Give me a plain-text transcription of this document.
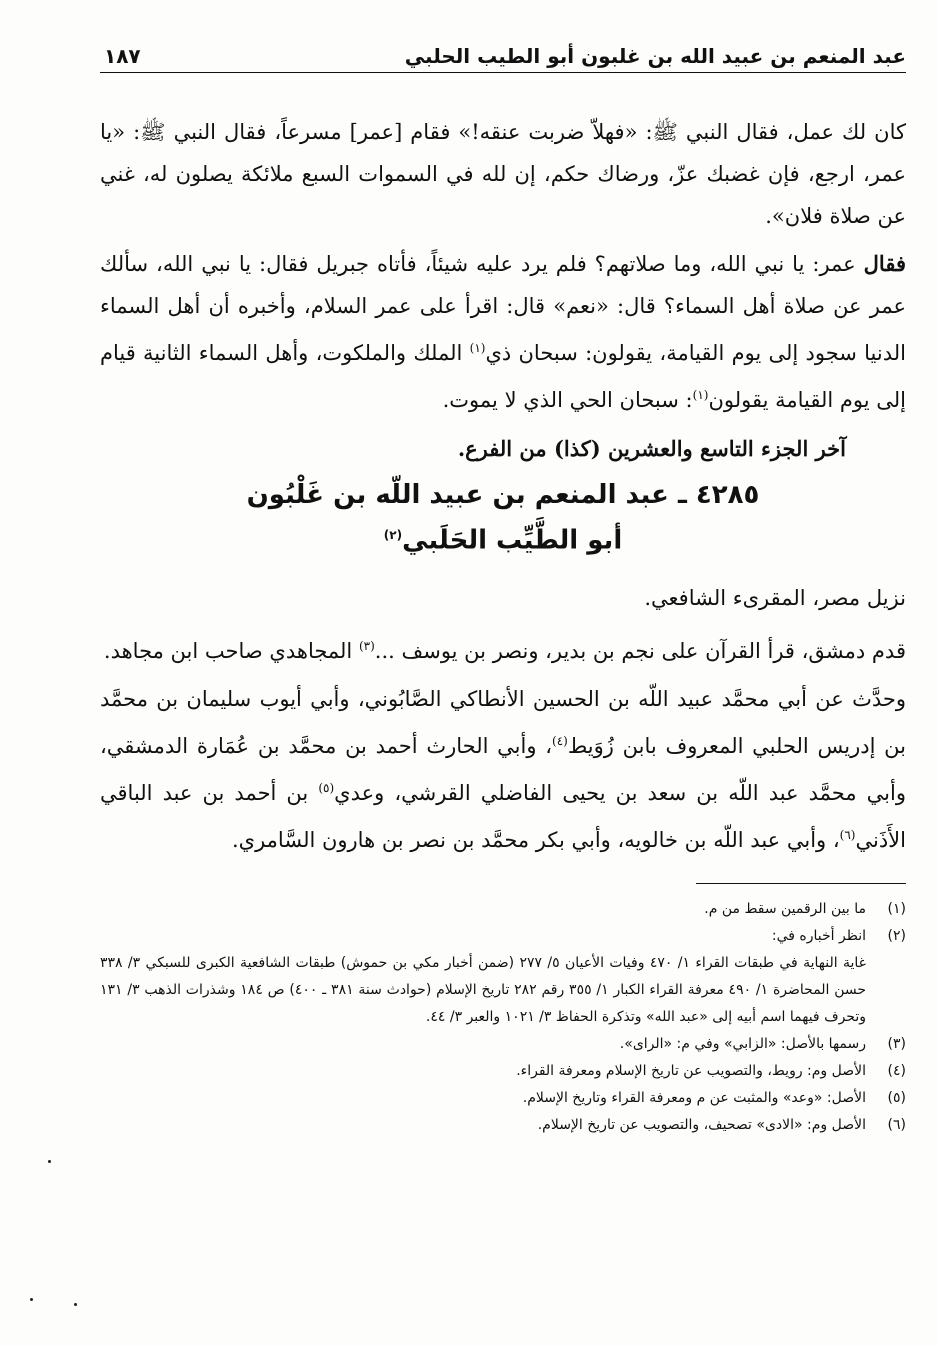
عبد المنعم بن عبيد الله بن غلبون أبو الطيب الحلبي
١٨٧

كان لك عمل، فقال النبي ﷺ: «فهلاّ ضربت عنقه!» فقام [عمر] مسرعاً، فقال النبي ﷺ: «يا عمر، ارجع، فإن غضبك عزّ، ورضاك حكم، إن لله في السموات السبع ملائكة يصلون له، غني عن صلاة فلان».

فقال عمر: يا نبي الله، وما صلاتهم؟ فلم يرد عليه شيئاً، فأتاه جبريل فقال: يا نبي الله، سألك عمر عن صلاة أهل السماء؟ قال: «نعم» قال: اقرأ على عمر السلام، وأخبره أن أهل السماء الدنيا سجود إلى يوم القيامة، يقولون: سبحان ذي$^{(١)}$ الملك والملكوت، وأهل السماء الثانية قيام إلى يوم القيامة يقولون$^{(١)}$: سبحان الحي الذي لا يموت.

آخر الجزء التاسع والعشرين (كذا) من الفرع.
٤٢٨٥ ـ عبد المنعم بن عبيد اللّه بن غَلْبُون
أبو الطَّيِّب الحَلَبي$^{(٢)}$

نزيل مصر، المقرىء الشافعي.

قدم دمشق، قرأ القرآن على نجم بن بدير، ونصر بن يوسف ...$^{(٣)}$ المجاهدي صاحب ابن مجاهد.

وحدَّث عن أبي محمَّد عبيد اللّه بن الحسين الأنطاكي الصَّابُوني، وأبي أيوب سليمان بن محمَّد بن إدريس الحلبي المعروف بابن زُوَيط$^{(٤)}$، وأبي الحارث أحمد بن محمَّد بن عُمَارة الدمشقي، وأبي محمَّد عبد اللّه بن سعد بن يحيى الفاضلي القرشي، وعدي$^{(٥)}$ بن أحمد بن عبد الباقي الأَذَني$^{(٦)}$، وأبي عبد اللّه بن خالويه، وأبي بكر محمَّد بن نصر بن هارون السَّامري.

(١)
ما بين الرقمين سقط من م.
(٢)
انظر أخباره في:
غاية النهاية في طبقات القراء ١/ ٤٧٠ وفيات الأعيان ٥/ ٢٧٧ (ضمن أخبار مكي بن حموش) طبقات الشافعية الكبرى للسبكي ٣/ ٣٣٨ حسن المحاضرة ١/ ٤٩٠ معرفة القراء الكبار ١/ ٣٥٥ رقم ٢٨٢ تاريخ الإسلام (حوادث سنة ٣٨١ ـ ٤٠٠) ص ١٨٤ وشذرات الذهب ٣/ ١٣١ وتحرف فيهما اسم أبيه إلى «عبد الله» وتذكرة الحفاظ ٣/ ١٠٢١ والعبر ٣/ ٤٤.
(٣)
رسمها بالأصل: «الزابي» وفي م: «الراى».
(٤)
الأصل وم: رويط، والتصويب عن تاريخ الإسلام ومعرفة القراء.
(٥)
الأصل: «وعد» والمثبت عن م ومعرفة القراء وتاريخ الإسلام.
(٦)
الأصل وم: «الادى» تصحيف، والتصويب عن تاريخ الإسلام.
